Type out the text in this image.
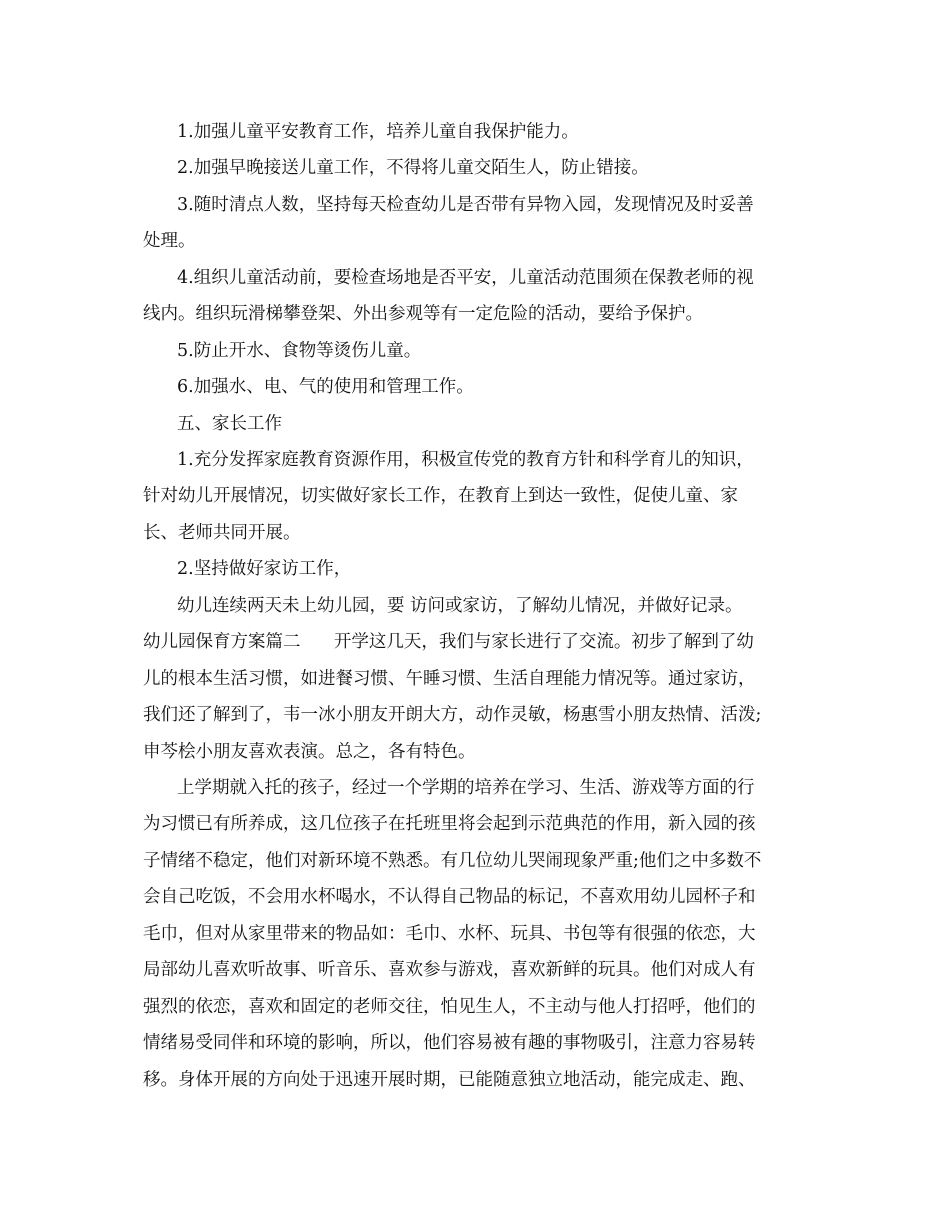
1.加强儿童平安教育工作，培养儿童自我保护能力。
2.加强早晚接送儿童工作，不得将儿童交陌生人，防止错接。
3.随时清点人数，坚持每天检查幼儿是否带有异物入园，发现情况及时妥善
处理。
4.组织儿童活动前，要检查场地是否平安，儿童活动范围须在保教老师的视
线内。组织玩滑梯攀登架、外出参观等有一定危险的活动，要给予保护。
5.防止开水、食物等烫伤儿童。
6.加强水、电、气的使用和管理工作。
五、家长工作
1.充分发挥家庭教育资源作用，积极宣传党的教育方针和科学育儿的知识，
针对幼儿开展情况，切实做好家长工作，在教育上到达一致性，促使儿童、家
长、老师共同开展。
2.坚持做好家访工作，
幼儿连续两天未上幼儿园，要 访问或家访，了解幼儿情况，并做好记录。
幼儿园保育方案篇二      开学这几天，我们与家长进行了交流。初步了解到了幼
儿的根本生活习惯，如进餐习惯、午睡习惯、生活自理能力情况等。通过家访，
我们还了解到了，韦一冰小朋友开朗大方，动作灵敏，杨惠雪小朋友热情、活泼;
申芩桧小朋友喜欢表演。总之，各有特色。
上学期就入托的孩子，经过一个学期的培养在学习、生活、游戏等方面的行
为习惯已有所养成，这几位孩子在托班里将会起到示范典范的作用，新入园的孩
子情绪不稳定，他们对新环境不熟悉。有几位幼儿哭闹现象严重;他们之中多数不
会自己吃饭，不会用水杯喝水，不认得自己物品的标记，不喜欢用幼儿园杯子和
毛巾，但对从家里带来的物品如：毛巾、水杯、玩具、书包等有很强的依恋，大
局部幼儿喜欢听故事、听音乐、喜欢参与游戏，喜欢新鲜的玩具。他们对成人有
强烈的依恋，喜欢和固定的老师交往，怕见生人，不主动与他人打招呼，他们的
情绪易受同伴和环境的影响，所以，他们容易被有趣的事物吸引，注意力容易转
移。身体开展的方向处于迅速开展时期，已能随意独立地活动，能完成走、跑、
